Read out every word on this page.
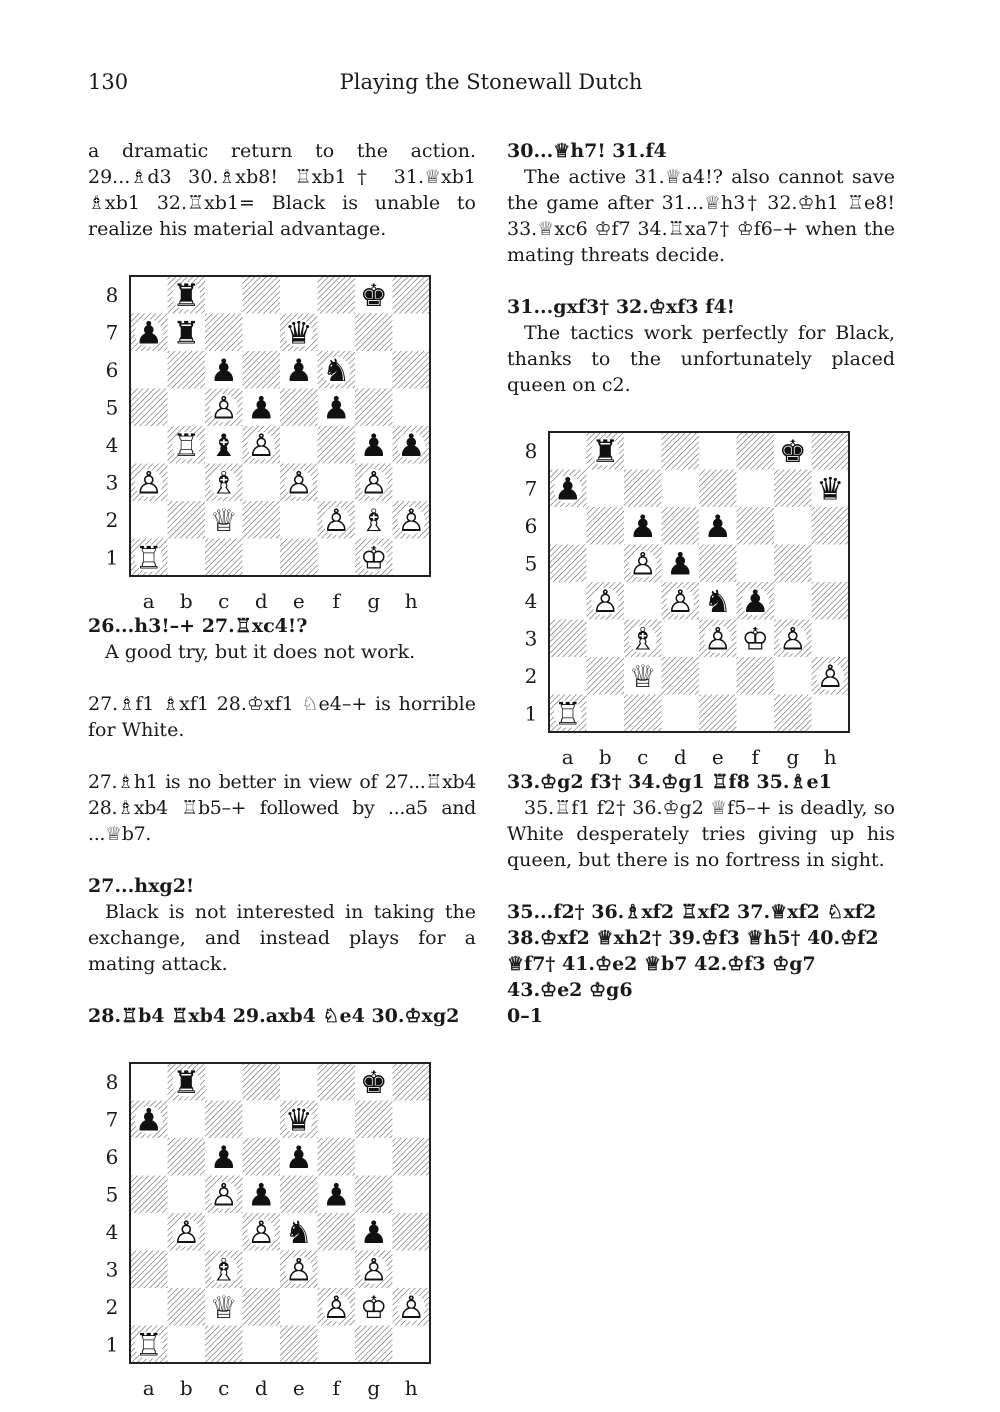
130	Playing the Stonewall Dutch

a dramatic return to the action. 29...♗d3 30.♗xb8! ♖xb1† 31.♕xb1 ♗xb1 32.♖xb1= Black is unable to realize his material advantage.

8
7
6
5
4
3
2
1
a b c d e f g h
♖
♕
♗
♗
♔
♖
♙
♙
♙
♙
♙
♙
♙
♜
♜
♚
♛
♞
♝
♟
♟ ♟
♟ ♟
♟ ♟

26...h3!–+ 27.♖xc4!?

A good try, but it does not work.

27.♗f1 ♗xf1 28.♔xf1 ♘e4–+ is horrible for White.

27.♗h1 is no better in view of 27...♖xb4 28.♗xb4 ♖b5–+ followed by ...a5 and ...♕b7.

27...hxg2!

Black is not interested in taking the exchange, and instead plays for a mating attack.

28.♖b4 ♖xb4 29.axb4 ♘e4 30.♔xg2

8
7
6
5
4
3
2
1
a b c d e f g h
♖
♕
♗
♔
♙
♙
♙
♙
♙
♙
♙
♜	♚
♛
♞
♟
♟ ♟
♟ ♟
♟

30...♕h7! 31.f4

The active 31.♕a4!? also cannot save the game after 31...♕h3† 32.♔h1 ♖e8! 33.♕xc6 ♔f7 34.♖xa7† ♔f6–+ when the mating threats decide.

31...gxf3† 32.♔xf3 f4!

The tactics work perfectly for Black, thanks to the unfortunately placed queen on c2.

8
7
6
5
4
3
2
1
a b c d e f g h
♖
♕
♗	♔
♙
♙
♙
♙ ♙
♙
♜	♚
♛
♞
♟
♟ ♟
♟
♟

33.♔g2 f3† 34.♔g1 ♖f8 35.♗e1

35.♖f1 f2† 36.♔g2 ♕f5–+ is deadly, so White desperately tries giving up his queen, but there is no fortress in sight.

35...f2† 36.♗xf2 ♖xf2 37.♕xf2 ♘xf2 38.♔xf2 ♕xh2† 39.♔f3 ♕h5† 40.♔f2 ♕f7† 41.♔e2 ♕b7 42.♔f3 ♔g7 43.♔e2 ♔g6

0–1
